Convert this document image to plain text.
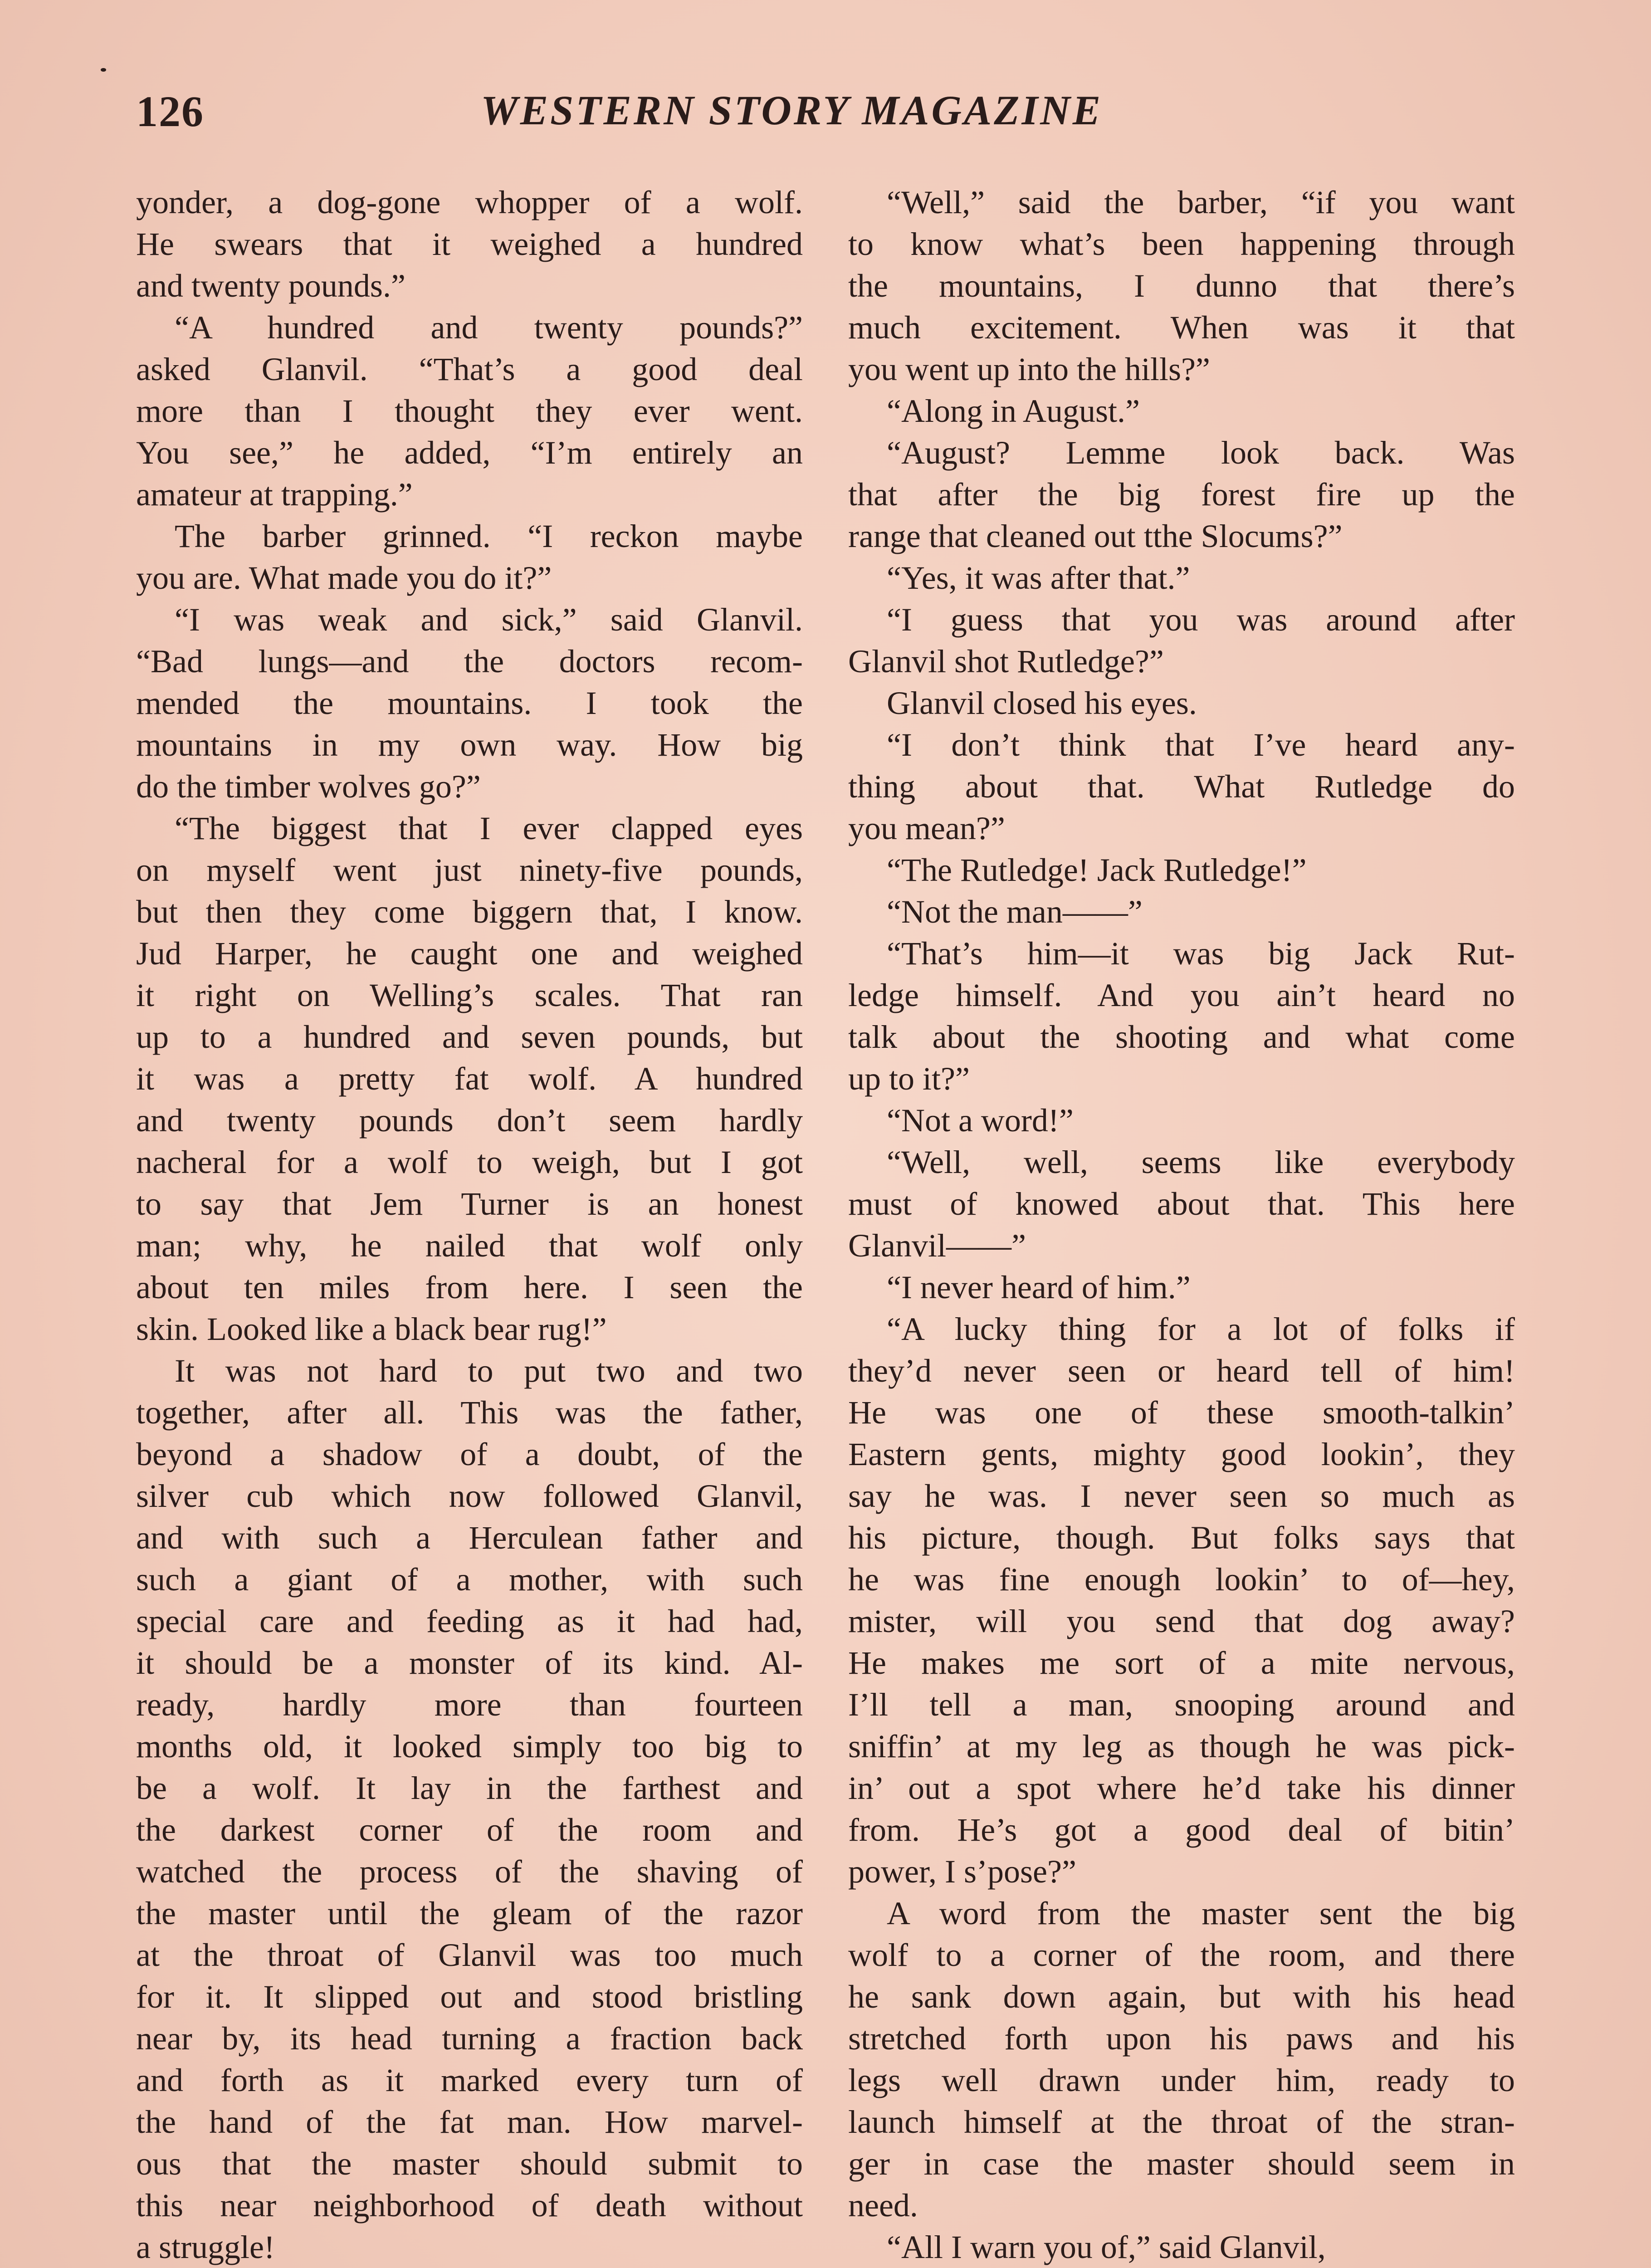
126	WESTERN STORY MAGAZINE

yonder, a dog-gone whopper of a wolf.
He swears that it weighed a hundred
and twenty pounds.”

“A hundred and twenty pounds?”
asked Glanvil. “That’s a good deal
more than I thought they ever went.
You see,” he added, “I’m entirely an
amateur at trapping.”

The barber grinned. “I reckon maybe
you are. What made you do it?”

“I was weak and sick,” said Glanvil.
“Bad lungs—and the doctors recom-
mended the mountains. I took the
mountains in my own way. How big
do the timber wolves go?”

“The biggest that I ever clapped eyes
on myself went just ninety-five pounds,
but then they come biggern that, I know.
Jud Harper, he caught one and weighed
it right on Welling’s scales. That ran
up to a hundred and seven pounds, but
it was a pretty fat wolf. A hundred
and twenty pounds don’t seem hardly
nacheral for a wolf to weigh, but I got
to say that Jem Turner is an honest
man; why, he nailed that wolf only
about ten miles from here. I seen the
skin. Looked like a black bear rug!”

It was not hard to put two and two
together, after all. This was the father,
beyond a shadow of a doubt, of the
silver cub which now followed Glanvil,
and with such a Herculean father and
such a giant of a mother, with such
special care and feeding as it had had,
it should be a monster of its kind. Al-
ready, hardly more than fourteen
months old, it looked simply too big to
be a wolf. It lay in the farthest and
the darkest corner of the room and
watched the process of the shaving of
the master until the gleam of the razor
at the throat of Glanvil was too much
for it. It slipped out and stood bristling
near by, its head turning a fraction back
and forth as it marked every turn of
the hand of the fat man. How marvel-
ous that the master should submit to
this near neighborhood of death without
a struggle!

“Well,” said the barber, “if you want
to know what’s been happening through
the mountains, I dunno that there’s
much excitement. When was it that
you went up into the hills?”

“Along in August.”

“August? Lemme look back. Was
that after the big forest fire up the
range that cleaned out tthe Slocums?”

“Yes, it was after that.”

“I guess that you was around after
Glanvil shot Rutledge?”

Glanvil closed his eyes.

“I don’t think that I’ve heard any-
thing about that. What Rutledge do
you mean?”

“The Rutledge! Jack Rutledge!”

“Not the man——”

“That’s him—it was big Jack Rut-
ledge himself. And you ain’t heard no
talk about the shooting and what come
up to it?”

“Not a word!”

“Well, well, seems like everybody
must of knowed about that. This here
Glanvil——”

“I never heard of him.”

“A lucky thing for a lot of folks if
they’d never seen or heard tell of him!
He was one of these smooth-talkin’
Eastern gents, mighty good lookin’, they
say he was. I never seen so much as
his picture, though. But folks says that
he was fine enough lookin’ to of—hey,
mister, will you send that dog away?
He makes me sort of a mite nervous,
I’ll tell a man, snooping around and
sniffin’ at my leg as though he was pick-
in’ out a spot where he’d take his dinner
from. He’s got a good deal of bitin’
power, I s’pose?”

A word from the master sent the big
wolf to a corner of the room, and there
he sank down again, but with his head
stretched forth upon his paws and his
legs well drawn under him, ready to
launch himself at the throat of the stran-
ger in case the master should seem in
need.

“All I warn you of,” said Glanvil,
